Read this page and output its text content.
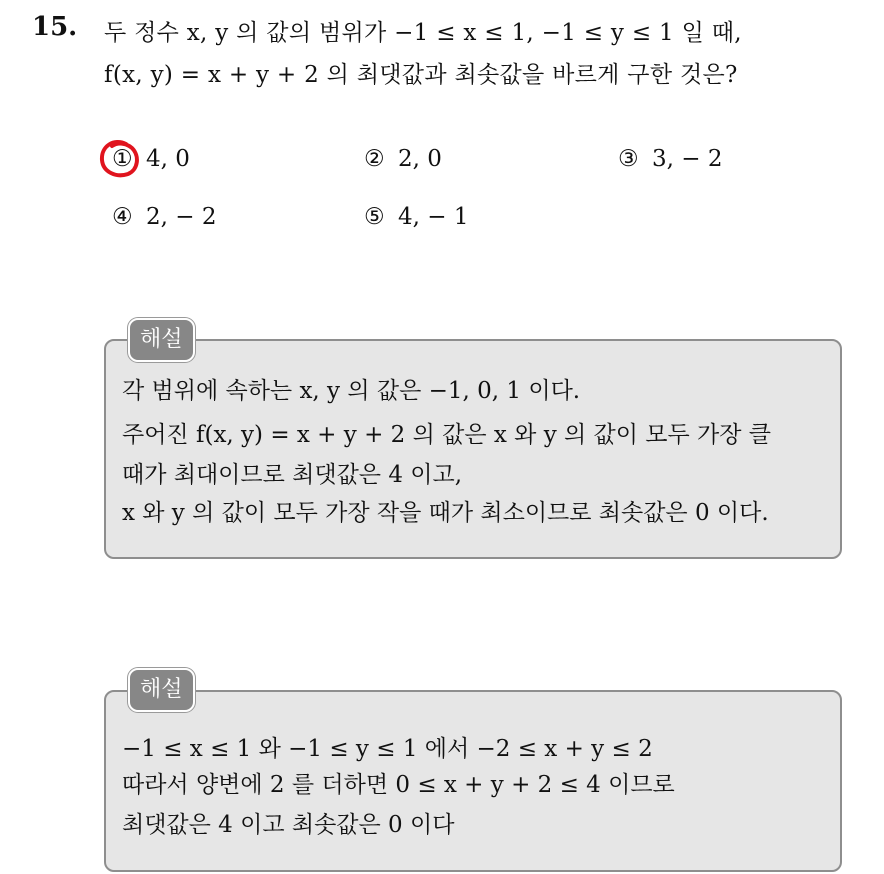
15. 두 정수 x, y 의 값의 범위가 −1 ≤ x ≤ 1, −1 ≤ y ≤ 1 일 때,
f(x, y) = x + y + 2 의 최댓값과 최솟값을 바르게 구한 것은?
① 4, 0	② 2, 0	③ 3, − 2
④ 2, − 2	⑤ 4, − 1
해설
각 범위에 속하는 x, y 의 값은 −1, 0, 1 이다.
주어진 f(x, y) = x + y + 2 의 값은 x 와 y 의 값이 모두 가장 클
때가 최대이므로 최댓값은 4 이고,
x 와 y 의 값이 모두 가장 작을 때가 최소이므로 최솟값은 0 이다.
해설
−1 ≤ x ≤ 1 와 −1 ≤ y ≤ 1 에서 −2 ≤ x + y ≤ 2
따라서 양변에 2 를 더하면 0 ≤ x + y + 2 ≤ 4 이므로
최댓값은 4 이고 최솟값은 0 이다
